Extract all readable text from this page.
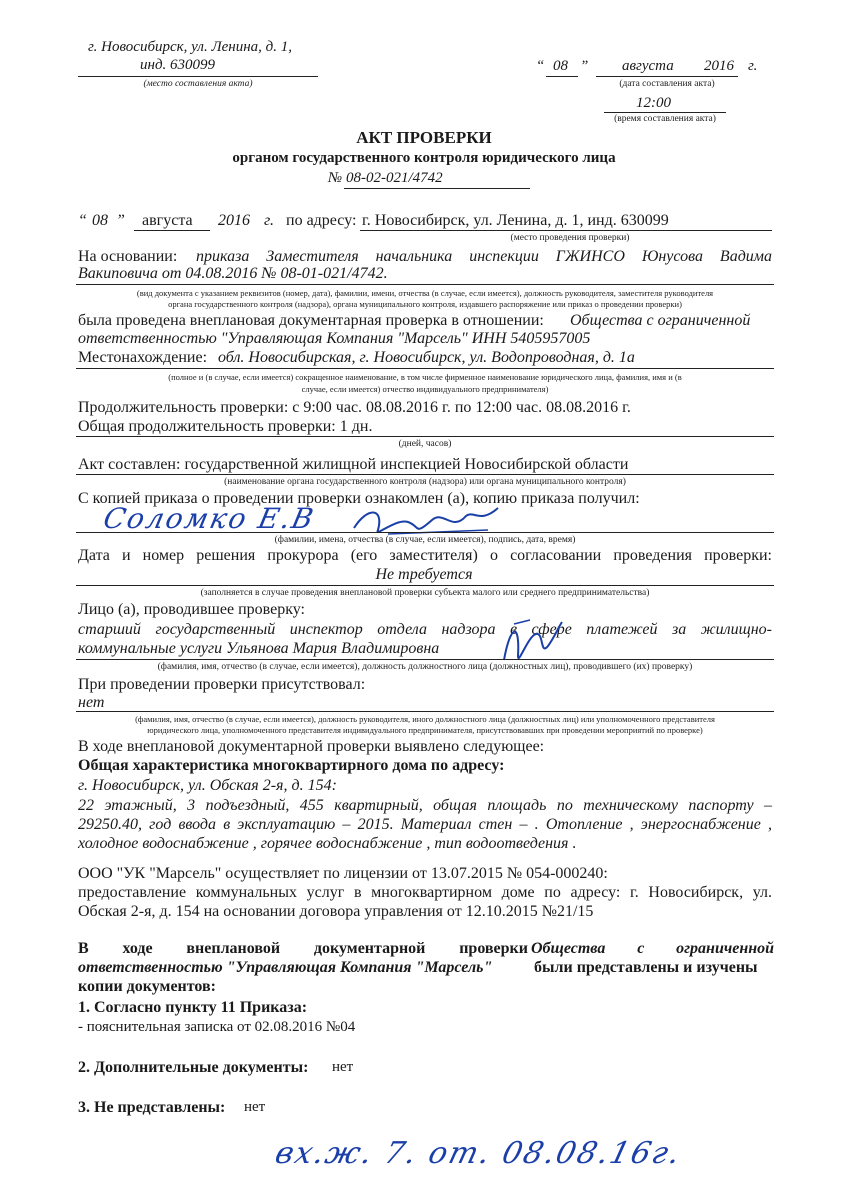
г. Новосибирск, ул. Ленина, д. 1,
инд. 630099
(место составления акта)
“ 08 ” августа 2016 г.
(дата составления акта)
12:00
(время составления акта)
АКТ ПРОВЕРКИ
органом государственного контроля юридического лица
№ 08-02-021/4742
“ 08 ” августа 2016 г. по адресу: г. Новосибирск, ул. Ленина, д. 1, инд. 630099
(место проведения проверки)
На основании: приказа Заместителя начальника инспекции ГЖИНСО Юнусова Вадима
Вакиповича от 04.08.2016 № 08-01-021/4742.
(вид документа с указанием реквизитов (номер, дата), фамилии, имени, отчества (в случае, если имеется), должность руководителя, заместителя руководителя
органа государственного контроля (надзора), органа муниципального контроля, издавшего распоряжение или приказ о проведении проверки)
была проведена внеплановая документарная проверка в отношении: Общества с ограниченной
ответственностью "Управляющая Компания "Марсель" ИНН 5405957005
Местонахождение: обл. Новосибирская, г. Новосибирск, ул. Водопроводная, д. 1а
(полное и (в случае, если имеется) сокращенное наименование, в том числе фирменное наименование юридического лица, фамилия, имя и (в
случае, если имеется) отчество индивидуального предпринимателя)
Продолжительность проверки: с 9:00 час. 08.08.2016 г. по 12:00 час. 08.08.2016 г.
Общая продолжительность проверки: 1 дн.
(дней, часов)
Акт составлен: государственной жилищной инспекцией Новосибирской области
(наименование органа государственного контроля (надзора) или органа муниципального контроля)
С копией приказа о проведении проверки ознакомлен (а), копию приказа получил:
Соломко Е.В
(фамилии, имена, отчества (в случае, если имеется), подпись, дата, время)
Дата и номер решения прокурора (его заместителя) о согласовании проведения проверки:
Не требуется
(заполняется в случае проведения внеплановой проверки субъекта малого или среднего предпринимательства)
Лицо (а), проводившее проверку:
старший государственный инспектор отдела надзора в сфере платежей за жилищно-
коммунальные услуги Ульянова Мария Владимировна
(фамилия, имя, отчество (в случае, если имеется), должность должностного лица (должностных лиц), проводившего (их) проверку)
При проведении проверки присутствовал:
нет
(фамилия, имя, отчество (в случае, если имеется), должность руководителя, иного должностного лица (должностных лиц) или уполномоченного представителя
юридического лица, уполномоченного представителя индивидуального предпринимателя, присутствовавших при проведении мероприятий по проверке)
В ходе внеплановой документарной проверки выявлено следующее:
Общая характеристика многоквартирного дома по адресу:
г. Новосибирск, ул. Обская 2-я, д. 154:
22 этажный, 3 подъездный, 455 квартирный, общая площадь по техническому паспорту –
29250.40, год ввода в эксплуатацию – 2015. Материал стен – . Отопление , энергоснабжение ,
холодное водоснабжение , горячее водоснабжение , тип водоотведения .
ООО "УК "Марсель" осуществляет по лицензии от 13.07.2015 № 054-000240:
предоставление коммунальных услуг в многоквартирном доме по адресу: г. Новосибирск, ул.
Обская 2-я, д. 154 на основании договора управления от 12.10.2015 №21/15
В ходе внеплановой документарной проверки Общества с ограниченной
ответственностью "Управляющая Компания "Марсель"	были представлены и изучены
копии документов:
1. Согласно пункту 11 Приказа:
- пояснительная записка от 02.08.2016 №04
2. Дополнительные документы: нет
3. Не представлены: нет
вх.ж. 7. от. 08.08.16г.
